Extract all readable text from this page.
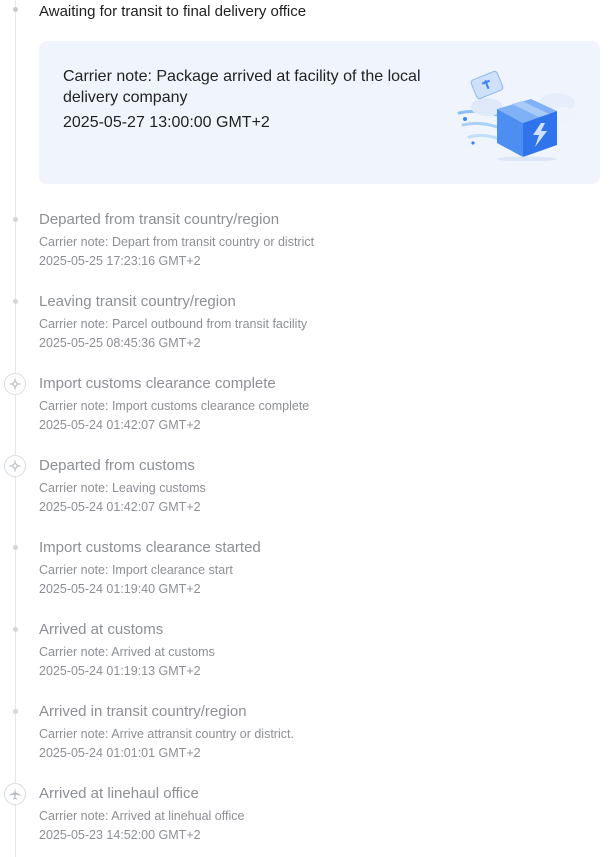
Awaiting for transit to final delivery office
Carrier note: Package arrived at facility of the local delivery company
2025-05-27 13:00:00 GMT+2
Departed from transit country/region
Carrier note: Depart from transit country or district
2025-05-25 17:23:16 GMT+2
Leaving transit country/region
Carrier note: Parcel outbound from transit facility
2025-05-25 08:45:36 GMT+2
Import customs clearance complete
Carrier note: Import customs clearance complete
2025-05-24 01:42:07 GMT+2
Departed from customs
Carrier note: Leaving customs
2025-05-24 01:42:07 GMT+2
Import customs clearance started
Carrier note: Import clearance start
2025-05-24 01:19:40 GMT+2
Arrived at customs
Carrier note: Arrived at customs
2025-05-24 01:19:13 GMT+2
Arrived in transit country/region
Carrier note: Arrive attransit country or district.
2025-05-24 01:01:01 GMT+2
Arrived at linehaul office
Carrier note: Arrived at linehual office
2025-05-23 14:52:00 GMT+2
